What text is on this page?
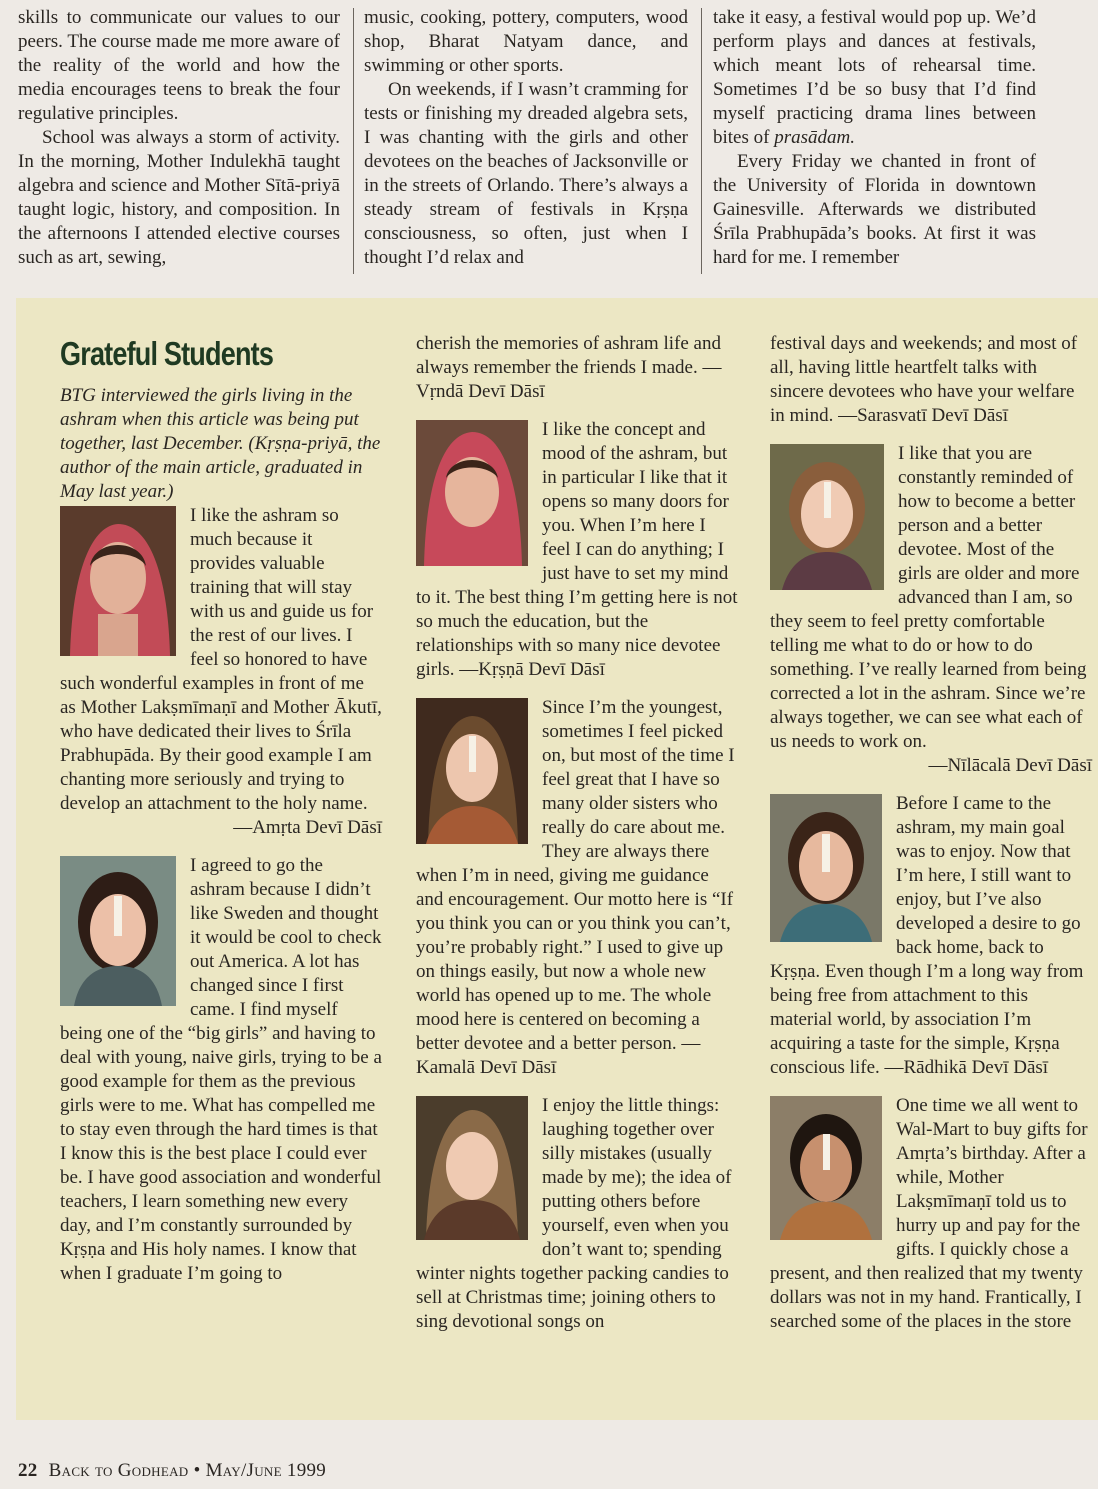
skills to communicate our values to our peers. The course made me more aware of the reality of the world and how the media encourages teens to break the four regulative principles.

School was always a storm of activity. In the morning, Mother Indulekhā taught algebra and science and Mother Sītā-priyā taught logic, history, and composition. In the afternoons I attended elective courses such as art, sewing,

music, cooking, pottery, computers, wood shop, Bharat Natyam dance, and swimming or other sports.

On weekends, if I wasn’t cramming for tests or finishing my dreaded algebra sets, I was chanting with the girls and other devotees on the beaches of Jacksonville or in the streets of Orlando. There’s always a steady stream of festivals in Kṛṣṇa consciousness, so often, just when I thought I’d relax and

take it easy, a festival would pop up. We’d perform plays and dances at festivals, which meant lots of rehearsal time. Sometimes I’d be so busy that I’d find myself practicing drama lines between bites of prasādam.

Every Friday we chanted in front of the University of Florida in downtown Gainesville. Afterwards we distributed Śrīla Prabhupāda’s books. At first it was hard for me. I remember

Grateful Students

BTG interviewed the girls living in the ashram when this article was being put together, last December. (Kṛṣṇa-priyā, the author of the main article, graduated in May last year.)

I like the ashram so much because it provides valuable training that will stay with us and guide us for the rest of our lives. I feel so honored to have such wonderful examples in front of me as Mother Lakṣmīmaṇī and Mother Ākutī, who have dedicated their lives to Śrīla Prabhupāda. By their good example I am chanting more seriously and trying to develop an attachment to the holy name.

—Amṛta Devī Dāsī

I agreed to go the ashram because I didn’t like Sweden and thought it would be cool to check out America. A lot has changed since I first came. I find myself being one of the “big girls” and having to deal with young, naive girls, trying to be a good example for them as the previous girls were to me. What has compelled me to stay even through the hard times is that I know this is the best place I could ever be. I have good association and wonderful teachers, I learn something new every day, and I’m constantly surrounded by Kṛṣṇa and His holy names. I know that when I graduate I’m going to

cherish the memories of ashram life and always remember the friends I made. —Vṛndā Devī Dāsī

I like the concept and mood of the ashram, but in particular I like that it opens so many doors for you. When I’m here I feel I can do anything; I just have to set my mind to it. The best thing I’m getting here is not so much the education, but the relationships with so many nice devotee girls. —Kṛṣṇā Devī Dāsī

Since I’m the youngest, sometimes I feel picked on, but most of the time I feel great that I have so many older sisters who really do care about me. They are always there when I’m in need, giving me guidance and encouragement. Our motto here is “If you think you can or you think you can’t, you’re probably right.” I used to give up on things easily, but now a whole new world has opened up to me. The whole mood here is centered on becoming a better devotee and a better person. —Kamalā Devī Dāsī

I enjoy the little things: laughing together over silly mistakes (usually made by me); the idea of putting others before yourself, even when you don’t want to; spending winter nights together packing candies to sell at Christmas time; joining others to sing devotional songs on

festival days and weekends; and most of all, having little heartfelt talks with sincere devotees who have your welfare in mind. —Sarasvatī Devī Dāsī

I like that you are constantly reminded of how to become a better person and a better devotee. Most of the girls are older and more advanced than I am, so they seem to feel pretty comfortable telling me what to do or how to do something. I’ve really learned from being corrected a lot in the ashram. Since we’re always together, we can see what each of us needs to work on.

—Nīlācalā Devī Dāsī

Before I came to the ashram, my main goal was to enjoy. Now that I’m here, I still want to enjoy, but I’ve also developed a desire to go back home, back to Kṛṣṇa. Even though I’m a long way from being free from attachment to this material world, by association I’m acquiring a taste for the simple, Kṛṣṇa conscious life. —Rādhikā Devī Dāsī

One time we all went to Wal-Mart to buy gifts for Amṛta’s birthday. After a while, Mother Lakṣmīmaṇī told us to hurry up and pay for the gifts. I quickly chose a present, and then realized that my twenty dollars was not in my hand. Frantically, I searched some of the places in the store

22 Back to Godhead • May/June 1999
